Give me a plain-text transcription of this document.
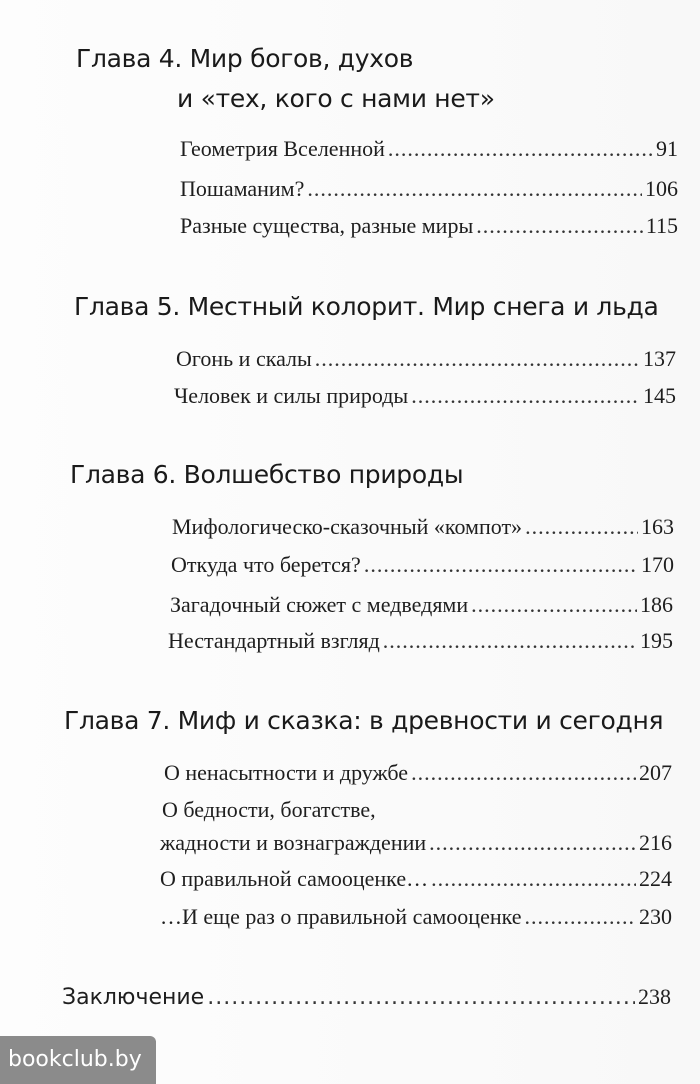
Глава 4. Мир богов, духов
и «тех, кого с нами нет»
Геометрия Вселенной .....	91
Пошаманим? .....	106
Разные существа, разные миры .....	115
Глава 5. Местный колорит. Мир снега и льда
Огонь и скалы .....	137
Человек и силы природы .....	145
Глава 6. Волшебство природы
Мифологическо-сказочный «компот» .....	163
Откуда что берется? .....	170
Загадочный сюжет с медведями .....	186
Нестандартный взгляд .....	195
Глава 7. Миф и сказка: в древности и сегодня
О ненасытности и дружбе .....	207
О бедности, богатстве,
жадности и вознаграждении .....	216
О правильной самооценке… .....	224
…И еще раз о правильной самооценке .....	230
Заключение .....	238
bookclub.by
